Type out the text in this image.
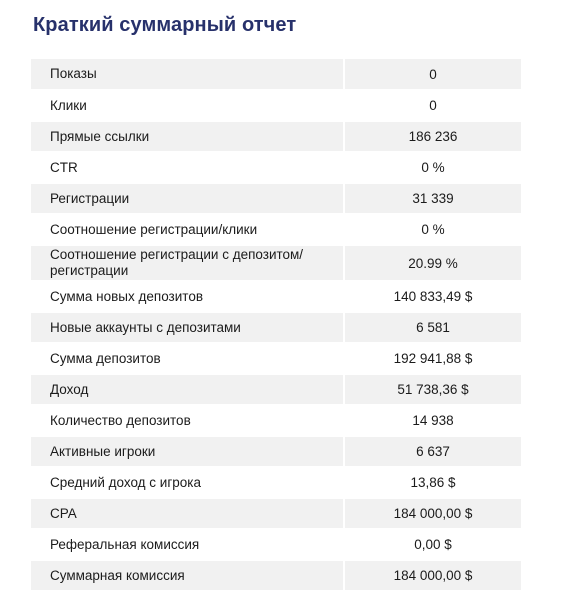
Краткий суммарный отчет
Показы	0
Клики	0
Прямые ссылки	186 236
CTR	0 %
Регистрации	31 339
Соотношение регистрации/клики	0 %
Соотношение регистрации с депозитом/ регистрации	20.99 %
Сумма новых депозитов	140 833,49 $
Новые аккаунты с депозитами	6 581
Сумма депозитов	192 941,88 $
Доход	51 738,36 $
Количество депозитов	14 938
Активные игроки	6 637
Средний доход с игрока	13,86 $
CPA	184 000,00 $
Реферальная комиссия	0,00 $
Суммарная комиссия	184 000,00 $
